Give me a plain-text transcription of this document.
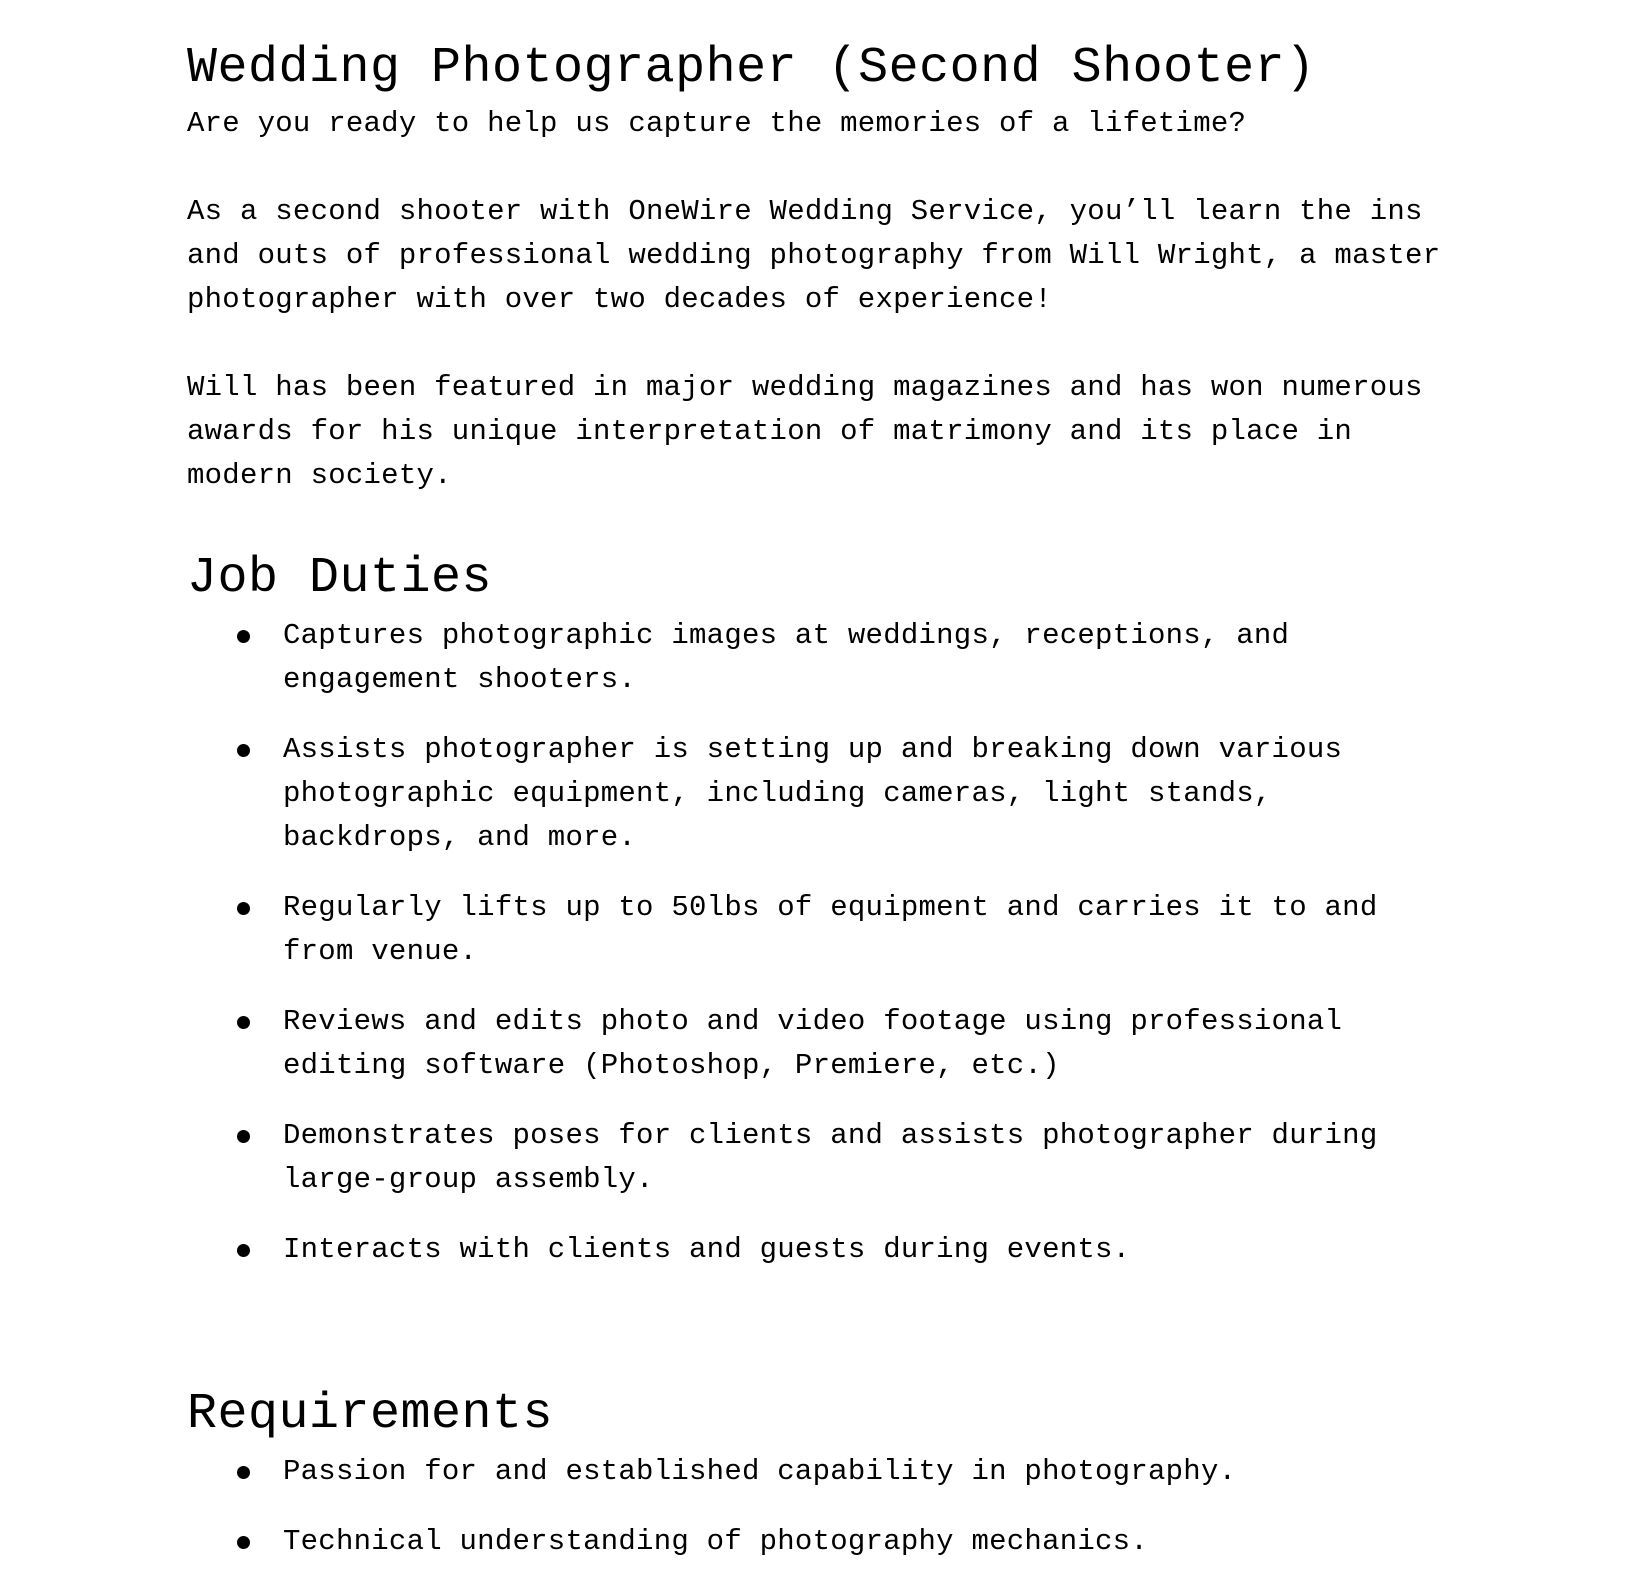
Wedding Photographer (Second Shooter)

Are you ready to help us capture the memories of a lifetime?

As a second shooter with OneWire Wedding Service, you’ll learn the ins and outs of professional wedding photography from Will Wright, a master photographer with over two decades of experience!

Will has been featured in major wedding magazines and has won numerous awards for his unique interpretation of matrimony and its place in modern society.

Job Duties
Captures photographic images at weddings, receptions, and engagement shooters.
Assists photographer is setting up and breaking down various photographic equipment, including cameras, light stands, backdrops, and more.
Regularly lifts up to 50lbs of equipment and carries it to and from venue.
Reviews and edits photo and video footage using professional editing software (Photoshop, Premiere, etc.)
Demonstrates poses for clients and assists photographer during large-group assembly.
Interacts with clients and guests during events.
Requirements
Passion for and established capability in photography.
Technical understanding of photography mechanics.
